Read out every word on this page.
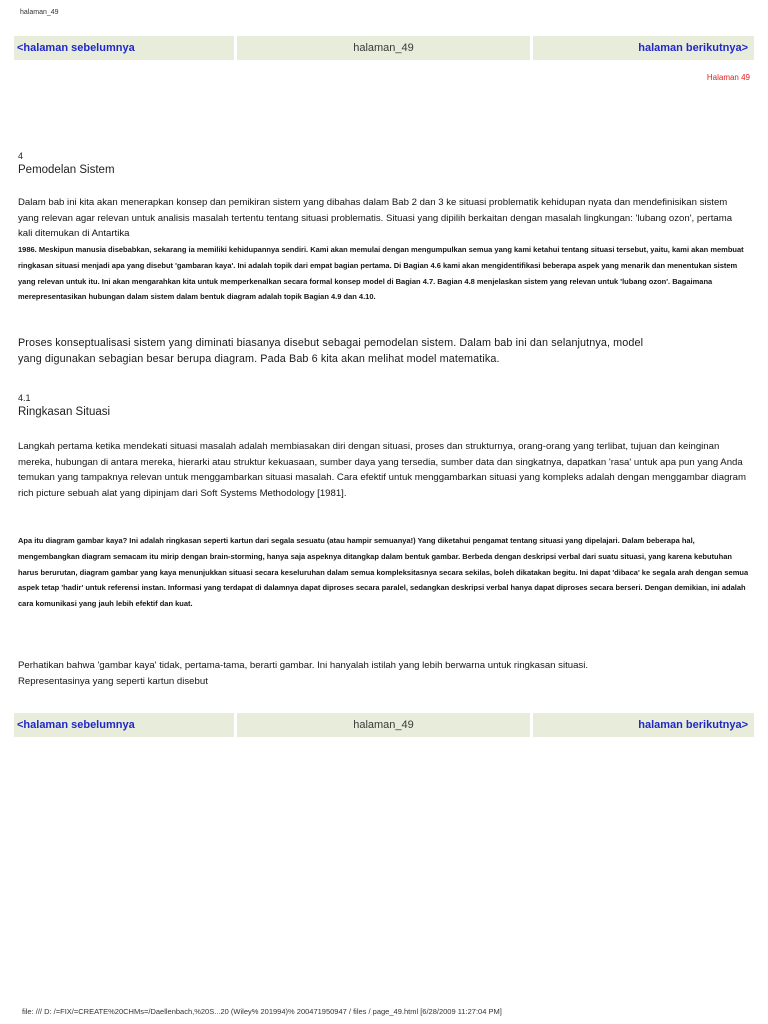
halaman_49
<halaman sebelumnya	halaman_49	halaman berikutnya>
Halaman 49
4
Pemodelan Sistem

Dalam bab ini kita akan menerapkan konsep dan pemikiran sistem yang dibahas dalam Bab 2 dan 3 ke situasi problematik kehidupan nyata dan mendefinisikan sistem yang relevan agar relevan untuk analisis masalah tertentu tentang situasi problematis. Situasi yang dipilih berkaitan dengan masalah lingkungan: 'lubang ozon', pertama kali ditemukan di Antartika

1986. Meskipun manusia disebabkan, sekarang ia memiliki kehidupannya sendiri. Kami akan memulai dengan mengumpulkan semua yang kami ketahui tentang situasi tersebut, yaitu, kami akan membuat ringkasan situasi menjadi apa yang disebut 'gambaran kaya'. Ini adalah topik dari empat bagian pertama. Di Bagian 4.6 kami akan mengidentifikasi beberapa aspek yang menarik dan menentukan sistem yang relevan untuk itu. Ini akan mengarahkan kita untuk memperkenalkan secara formal konsep model di Bagian 4.7. Bagian 4.8 menjelaskan sistem yang relevan untuk 'lubang ozon'. Bagaimana merepresentasikan hubungan dalam sistem dalam bentuk diagram adalah topik Bagian 4.9 dan 4.10.

Proses konseptualisasi sistem yang diminati biasanya disebut sebagai pemodelan sistem. Dalam bab ini dan selanjutnya, model yang digunakan sebagian besar berupa diagram. Pada Bab 6 kita akan melihat model matematika.

4.1
Ringkasan Situasi

Langkah pertama ketika mendekati situasi masalah adalah membiasakan diri dengan situasi, proses dan strukturnya, orang-orang yang terlibat, tujuan dan keinginan mereka, hubungan di antara mereka, hierarki atau struktur kekuasaan, sumber daya yang tersedia, sumber data dan singkatnya, dapatkan 'rasa' untuk apa pun yang Anda temukan yang tampaknya relevan untuk menggambarkan situasi masalah. Cara efektif untuk menggambarkan situasi yang kompleks adalah dengan menggambar diagram rich picture sebuah alat yang dipinjam dari Soft Systems Methodology [1981].

Apa itu diagram gambar kaya? Ini adalah ringkasan seperti kartun dari segala sesuatu (atau hampir semuanya!) Yang diketahui pengamat tentang situasi yang dipelajari. Dalam beberapa hal, mengembangkan diagram semacam itu mirip dengan brain-storming, hanya saja aspeknya ditangkap dalam bentuk gambar. Berbeda dengan deskripsi verbal dari suatu situasi, yang karena kebutuhan harus berurutan, diagram gambar yang kaya menunjukkan situasi secara keseluruhan dalam semua kompleksitasnya secara sekilas, boleh dikatakan begitu. Ini dapat 'dibaca' ke segala arah dengan semua aspek tetap 'hadir' untuk referensi instan. Informasi yang terdapat di dalamnya dapat diproses secara paralel, sedangkan deskripsi verbal hanya dapat diproses secara berseri. Dengan demikian, ini adalah cara komunikasi yang jauh lebih efektif dan kuat.

Perhatikan bahwa 'gambar kaya' tidak, pertama-tama, berarti gambar. Ini hanyalah istilah yang lebih berwarna untuk ringkasan situasi. Representasinya yang seperti kartun disebut

<halaman sebelumnya	halaman_49	halaman berikutnya>
file: /// D: /=FIX/=CREATE%20CHMs=/Daellenbach,%20S...20 (Wiley% 201994)% 200471950947 / files / page_49.html [6/28/2009 11:27:04 PM]
